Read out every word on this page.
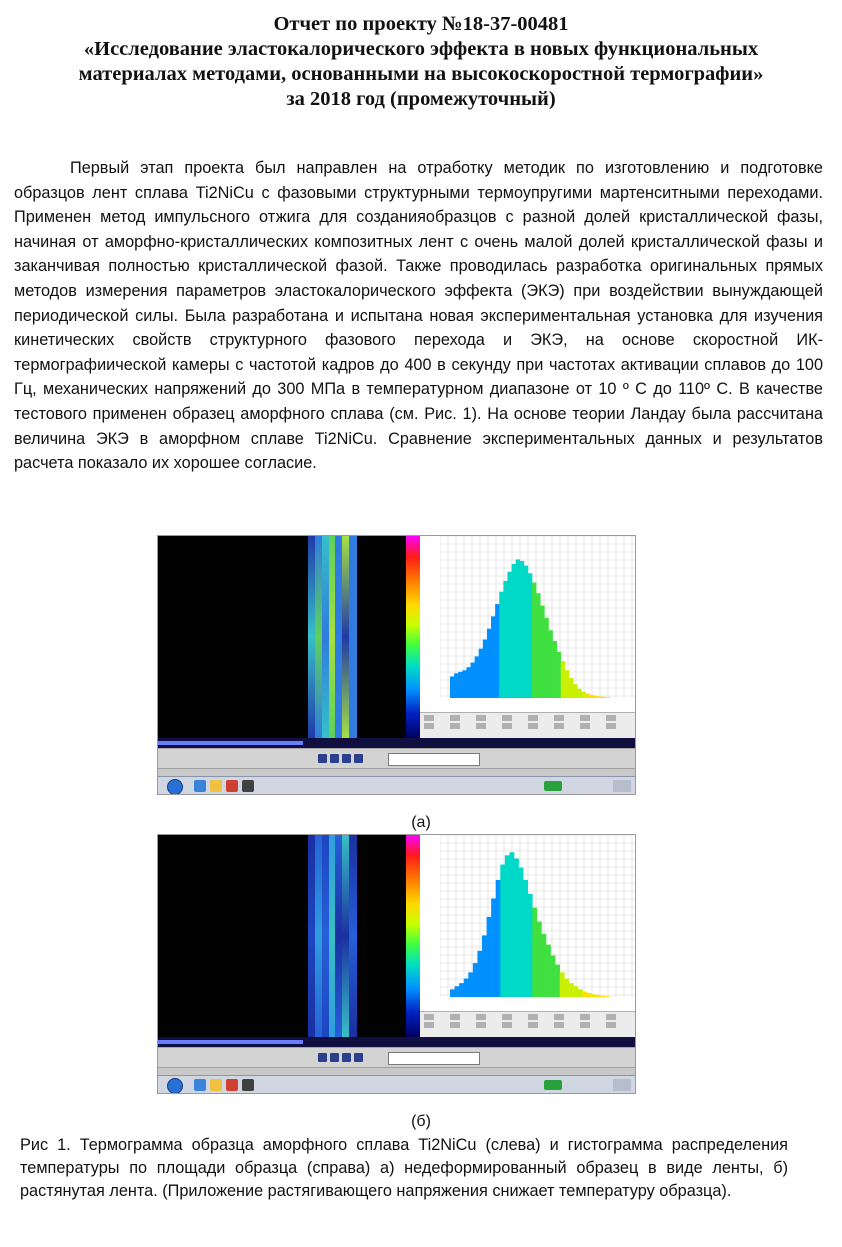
Отчет по проекту №18-37-00481
«Исследование эластокалорического эффекта в новых функциональных
материалах методами, основанными на высокоскоростной термографии»
за 2018 год (промежуточный)

Первый этап проекта был направлен на отработку методик по изготовлению и подготовке образцов лент сплава Ti2NiCu с фазовыми структурными термоупругими мартенситными переходами. Применен метод импульсного отжига для созданияобразцов с разной долей кристаллической фазы, начиная от аморфно-кристаллических композитных лент с очень малой долей кристаллической фазы и заканчивая полностью кристаллической фазой. Также проводилась разработка оригинальных прямых методов измерения параметров эластокалорического эффекта (ЭКЭ) при воздействии вынуждающей периодической силы. Была разработана и испытана новая экспериментальная установка для изучения кинетических свойств структурного фазового перехода и ЭКЭ, на основе скоростной ИК-термографиической камеры с частотой кадров до 400 в секунду при частотах активации сплавов до 100 Гц, механических напряжений до 300 МПа в температурном диапазоне от 10 º С до 110º С. В качестве тестового применен образец аморфного сплава (см. Рис. 1). На основе теории Ландау была рассчитана величина ЭКЭ в аморфном сплаве Ti2NiCu. Сравнение экспериментальных данных и результатов расчета показало их хорошее согласие.

(а)
(б)

Рис 1. Термограмма образца аморфного сплава Ti2NiCu (слева) и гистограмма распределения температуры по площади образца (справа) а) недеформированный образец в виде ленты, б) растянутая лента. (Приложение растягивающего напряжения снижает температуру образца).
